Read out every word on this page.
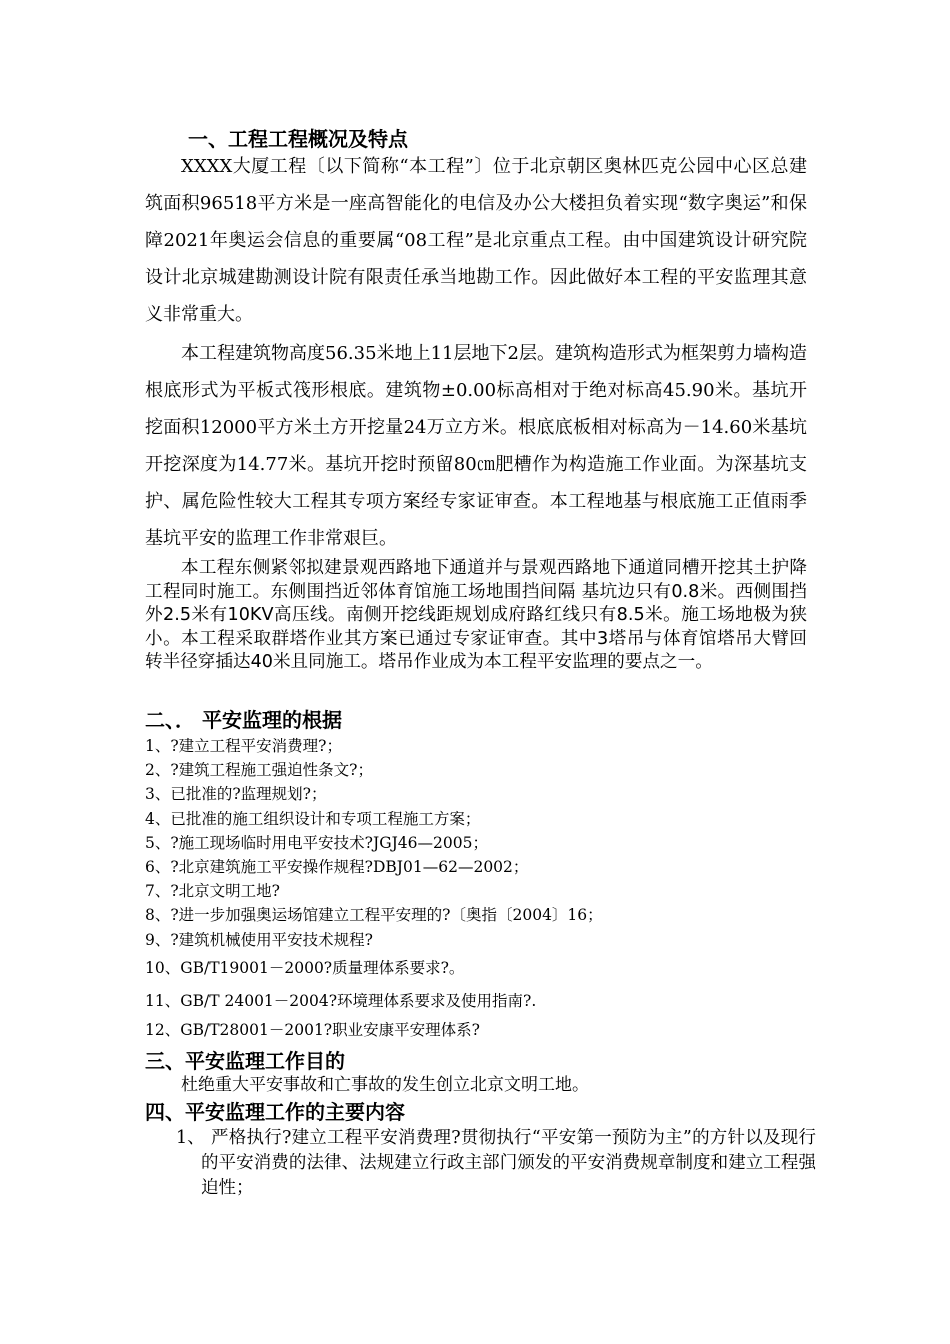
一、工程工程概况及特点

XXXX大厦工程〔以下简称“本工程”〕位于北京朝区奥林匹克公园中心区总建筑面积96518平方米是一座高智能化的电信及办公大楼担负着实现“数字奥运”和保障2021年奥运会信息的重要属“08工程”是北京重点工程。由中国建筑设计研究院设计北京城建勘测设计院有限责任承当地勘工作。因此做好本工程的平安监理其意义非常重大。

本工程建筑物高度56.35米地上11层地下2层。建筑构造形式为框架剪力墙构造根底形式为平板式筏形根底。建筑物±0.00标高相对于绝对标高45.90米。基坑开挖面积12000平方米土方开挖量24万立方米。根底底板相对标高为－14.60米基坑开挖深度为14.77米。基坑开挖时预留80㎝肥槽作为构造施工作业面。为深基坑支护、属危险性较大工程其专项方案经专家证审查。本工程地基与根底施工正值雨季基坑平安的监理工作非常艰巨。

本工程东侧紧邻拟建景观西路地下通道并与景观西路地下通道同槽开挖其土护降工程同时施工。东侧围挡近邻体育馆施工场地围挡间隔 基坑边只有0.8米。西侧围挡外2.5米有10KV高压线。南侧开挖线距规划成府路红线只有8.5米。施工场地极为狭小。本工程采取群塔作业其方案已通过专家证审查。其中3塔吊与体育馆塔吊大臂回转半径穿插达40米且同施工。塔吊作业成为本工程平安监理的要点之一。

二、． 平安监理的根据
1、?建立工程平安消费理?；
2、?建筑工程施工强迫性条文?；
3、已批准的?监理规划?；
4、已批准的施工组织设计和专项工程施工方案；
5、?施工现场临时用电平安技术?JGJ46—2005；
6、?北京建筑施工平安操作规程?DBJ01—62—2002；
7、?北京文明工地?
8、?进一步加强奥运场馆建立工程平安理的?〔奥指〔2004〕16；
9、?建筑机械使用平安技术规程?
10、GB/T19001－2000?质量理体系要求?。
11、GB/T 24001－2004?环境理体系要求及使用指南?.
12、GB/T28001－2001?职业安康平安理体系?
三、平安监理工作目的
杜绝重大平安事故和亡事故的发生创立北京文明工地。
四、平安监理工作的主要内容
1、 严格执行?建立工程平安消费理?贯彻执行“平安第一预防为主”的方针以及现行的平安消费的法律、法规建立行政主部门颁发的平安消费规章制度和建立工程强迫性；
